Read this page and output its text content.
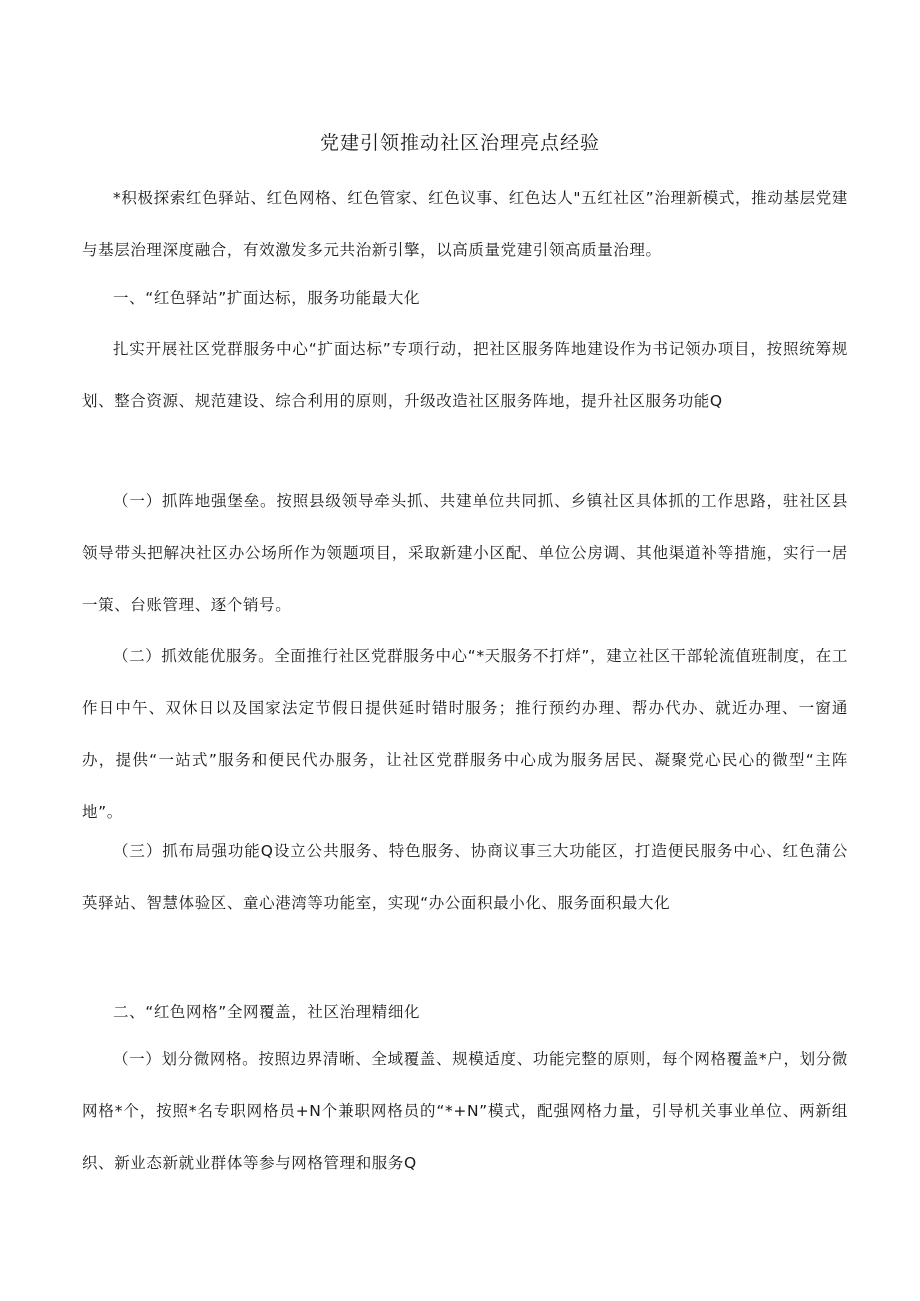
党建引领推动社区治理亮点经验

*积极探索红色驿站、红色网格、红色管家、红色议事、红色达人"五红社区”治理新模式，推动基层党建与基层治理深度融合，有效激发多元共治新引擎，以高质量党建引领高质量治理。

一、“红色驿站”扩面达标，服务功能最大化

扎实开展社区党群服务中心“扩面达标”专项行动，把社区服务阵地建设作为书记领办项目，按照统筹规划、整合资源、规范建设、综合利用的原则，升级改造社区服务阵地，提升社区服务功能Q

（一）抓阵地强堡垒。按照县级领导牵头抓、共建单位共同抓、乡镇社区具体抓的工作思路，驻社区县领导带头把解决社区办公场所作为领题项目，采取新建小区配、单位公房调、其他渠道补等措施，实行一居一策、台账管理、逐个销号。

（二）抓效能优服务。全面推行社区党群服务中心“*天服务不打烊”，建立社区干部轮流值班制度，在工作日中午、双休日以及国家法定节假日提供延时错时服务；推行预约办理、帮办代办、就近办理、一窗通办，提供“一站式”服务和便民代办服务，让社区党群服务中心成为服务居民、凝聚党心民心的微型“主阵地”。

（三）抓布局强功能Q设立公共服务、特色服务、协商议事三大功能区，打造便民服务中心、红色蒲公英驿站、智慧体验区、童心港湾等功能室，实现“办公面积最小化、服务面积最大化

二、“红色网格”全网覆盖，社区治理精细化

（一）划分微网格。按照边界清晰、全域覆盖、规模适度、功能完整的原则，每个网格覆盖*户，划分微网格*个，按照*名专职网格员+N个兼职网格员的“*+N”模式，配强网格力量，引导机关事业单位、两新组织、新业态新就业群体等参与网格管理和服务Q
